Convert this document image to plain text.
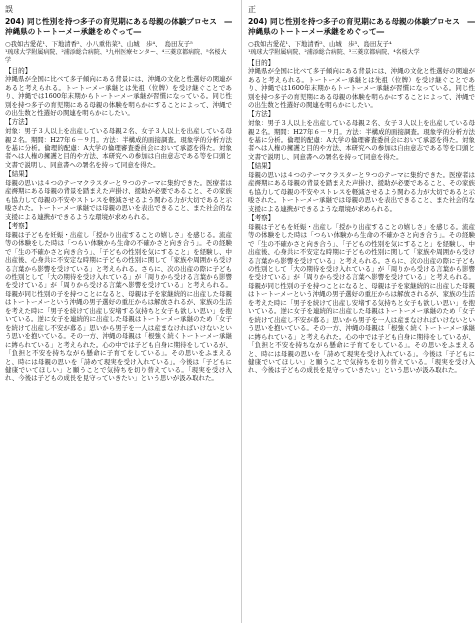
誤
204) 同じ性別を持つ多子の育児期にある母親の体験プロセス　―沖縄県のトートーメー承継をめぐって―
○我如古愛花¹、下地清香²、小八重佑菜³、山城　歩⁴、　島田友子⁵
¹琉球大学附属病院、²浦添総合病院、³九州医療センター、⁴三菱京都病院、⁵名桜大学
【目的】

沖縄県が全国に比べて多子傾向にある背景には、沖縄の文化と性選好の関連があると考えられる。トートーメー承継とは先祖（位牌）を受け継ぐことであり、沖縄では1600年末期からトートーメー承継が習慣になっている。同じ性別を持つ多子の育児期にある母親の体験を明らかにすることによって、沖縄での出生数と性選好の関連を明らかにしたい。

【方法】

対象：男子３人以上を出産している母親２名、女子３人以上を出産している母親２名。期間：H27年６－９月。方法：半構成的面接調査。現象学的分析方法を基に分析。倫理的配慮：A大学の倫理審査委員会において承認を得た。対象者へは人権の擁護と目的や方法、本研究への参加は自由意志である等を口頭と文書で説明し、同意書への署名を持って同意を得た。

【結果】

母親の思いは４つのテーマクラスターと９つのテーマに集約できた。医療者は産褥期にある母親の背景を踏まえた声掛け、援助が必要であること、その家族も協力して母親の不安やストレスを軽減させるよう関わる力が大切であると示唆された。トートーメー承継では母親の思いを表出できること、また社会的な支援による連携ができるような環境が求められる。

【考察】

母親は子どもを妊娠・出産し「授かり出産することの嬉しさ」を感じる。流産等の体験をした時は「つらい体験から生命の不確かさと向き合う」。その経験で「生の不確かさと向き合う」、「子どもの性別を気にすること」を経験し、中出産後、心身共に不安定な時期に子どもの性別に関して「家族や周囲から受ける言葉から影響を受けている」と考えられる。さらに、次の出産の際に子どもの性別として「大の期待を受け入れている」が「周りから受ける言葉から影響を受けている」が「周りから受ける言葉へ影響を受けている」と考えられる。母親が同じ性別の子を持つことになると、母親は子を家継続的に出産した母親はトートーメーという沖縄の男子選好の重圧からは解放されるが、家族の生活を考えた時に「男子を続けて出産し安堵する気持ちと女子も欲しい思い」を抱いている。逆に女子を連続的に出産した母親はトートーメー承継のため「女子を続けて出産し不安が募る」思いから男子を一人は産まなければいけないという思いを抱いている。その一方、沖縄の母親は「根強く続くトートーメー承継に縛られている」と考えられた。心の中では子ども自身に期待をしているが、「負担と不安を持ちながら懸命に子育てをしている」。その思いをふまえると、時には母親の思いを「詩めて現実を受け入れている」。今後は「子どもに健康でいてほしい」と願うことで気持ちを切り替えている。「現実を受け入れ、今後は子どもの成長を見守っていきたい」という思いが汲み取れた。

正
204) 同じ性別を持つ多子の育児期にある母親の体験プロセス　―沖縄県のトートーメー承継をめぐって―
○我如古愛花¹、下地清香²、山城　歩³、島田友子⁴
¹琉球大学附属病院、²浦添総合病院、³三菱京都病院、⁴名桜大学
【目的】

沖縄県が全国に比べて多子傾向にある背景には、沖縄の文化と性選好の関連があると考えられる。トートーメー承継とは先祖（位牌）を受け継ぐことであり、沖縄では1600年末期からトートーメー承継が習慣になっている。同じ性別を持つ多子の育児期にある母親の体験を明らかにすることによって、沖縄での出生数と性選好の関連を明らかにしたい。

【方法】

対象：男子３人以上を出産している母親２名、女子３人以上を出産している母親２名。期間：H27年６－９月。方法：半構成的面接調査。現象学的分析方法を基に分析。倫理的配慮：A大学の倫理審査委員会において承認を得た。対象者へは人権の擁護と目的や方法、本研究への参加は自由意志である等を口頭と文書で説明し、同意書への署名を持って同意を得た。

【結果】

母親の思いは４つのテーマクラスターと９つのテーマに集約できた。医療者は産褥期にある母親の背景を踏まえた声掛け、援助が必要であること、その家族も協力して母親の不安やストレスを軽減させるよう関わる力が大切であると示唆された。トートーメー承継では母親の思いを表出できること、また社会的な支援による連携ができるような環境が求められる。

【考察】

母親は子どもを妊娠・出産し「授かり出産することの嬉しさ」を感じる。流産等の体験をした時は「つらい体験から生命の不確かさと向き合う」。その経験で「生の不確かさと向き合う」、「子どもの性別を気にすること」を経験し、中出産後、心身共に不安定な時期に子どもの性別に関して「家族や周囲から受ける言葉から影響を受けている」と考えられる。さらに、次の出産の際に子どもの性別として「大の期待を受け入れている」が「周りから受ける言葉から影響を受けている」が「周りから受ける言葉へ影響を受けている」と考えられる。母親が同じ性別の子を持つことになると、母親は子を家継続的に出産した母親はトートーメーという沖縄の男子選好の重圧からは解放されるが、家族の生活を考えた時に「男子を続けて出産し安堵する気持ちと女子も欲しい思い」を抱いている。逆に女子を連続的に出産した母親はトートーメー承継のため「女子を続けて出産し不安が募る」思いから男子を一人は産まなければいけないという思いを抱いている。その一方、沖縄の母親は「根強く続くトートーメー承継に縛られている」と考えられた。心の中では子ども自身に期待をしているが、「負担と不安を持ちながら懸命に子育てをしている」。その思いをふまえると、時には母親の思いを「詩めて現実を受け入れている」。今後は「子どもに健康でいてほしい」と願うことで気持ちを切り替えている。「現実を受け入れ、今後は子どもの成長を見守っていきたい」という思いが汲み取れた。
